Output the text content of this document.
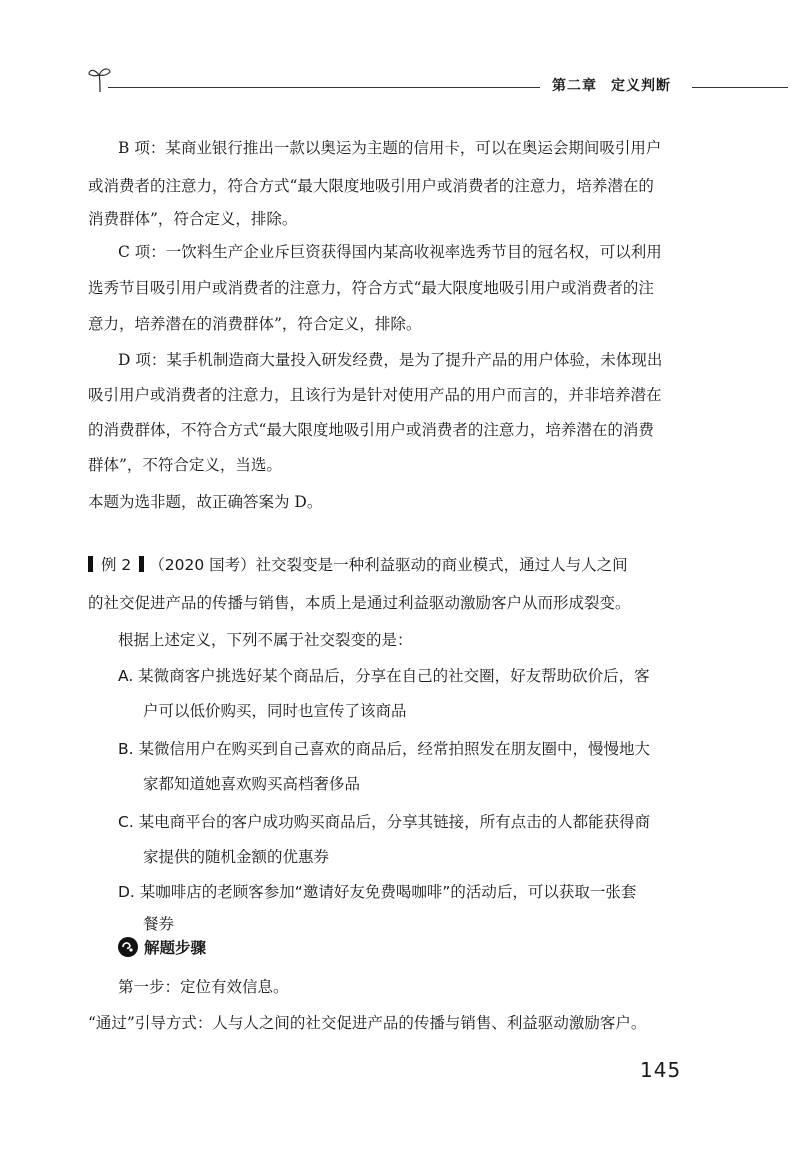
第二章 定义判断
B 项：某商业银行推出一款以奥运为主题的信用卡，可以在奥运会期间吸引用户
或消费者的注意力，符合方式“最大限度地吸引用户或消费者的注意力，培养潜在的
消费群体”，符合定义，排除。
C 项：一饮料生产企业斥巨资获得国内某高收视率选秀节目的冠名权，可以利用
选秀节目吸引用户或消费者的注意力，符合方式“最大限度地吸引用户或消费者的注
意力，培养潜在的消费群体”，符合定义，排除。
D 项：某手机制造商大量投入研发经费，是为了提升产品的用户体验，未体现出
吸引用户或消费者的注意力，且该行为是针对使用产品的用户而言的，并非培养潜在
的消费群体，不符合方式“最大限度地吸引用户或消费者的注意力，培养潜在的消费
群体”，不符合定义，当选。
本题为选非题，故正确答案为 D。
例 2 （2020 国考）社交裂变是一种利益驱动的商业模式，通过人与人之间
的社交促进产品的传播与销售，本质上是通过利益驱动激励客户从而形成裂变。
根据上述定义，下列不属于社交裂变的是：
A. 某微商客户挑选好某个商品后，分享在自己的社交圈，好友帮助砍价后，客
户可以低价购买，同时也宣传了该商品
B. 某微信用户在购买到自己喜欢的商品后，经常拍照发在朋友圈中，慢慢地大
家都知道她喜欢购买高档奢侈品
C. 某电商平台的客户成功购买商品后，分享其链接，所有点击的人都能获得商
家提供的随机金额的优惠券
D. 某咖啡店的老顾客参加“邀请好友免费喝咖啡”的活动后，可以获取一张套
餐券
解题步骤
第一步：定位有效信息。
“通过”引导方式：人与人之间的社交促进产品的传播与销售、利益驱动激励客户。
145
